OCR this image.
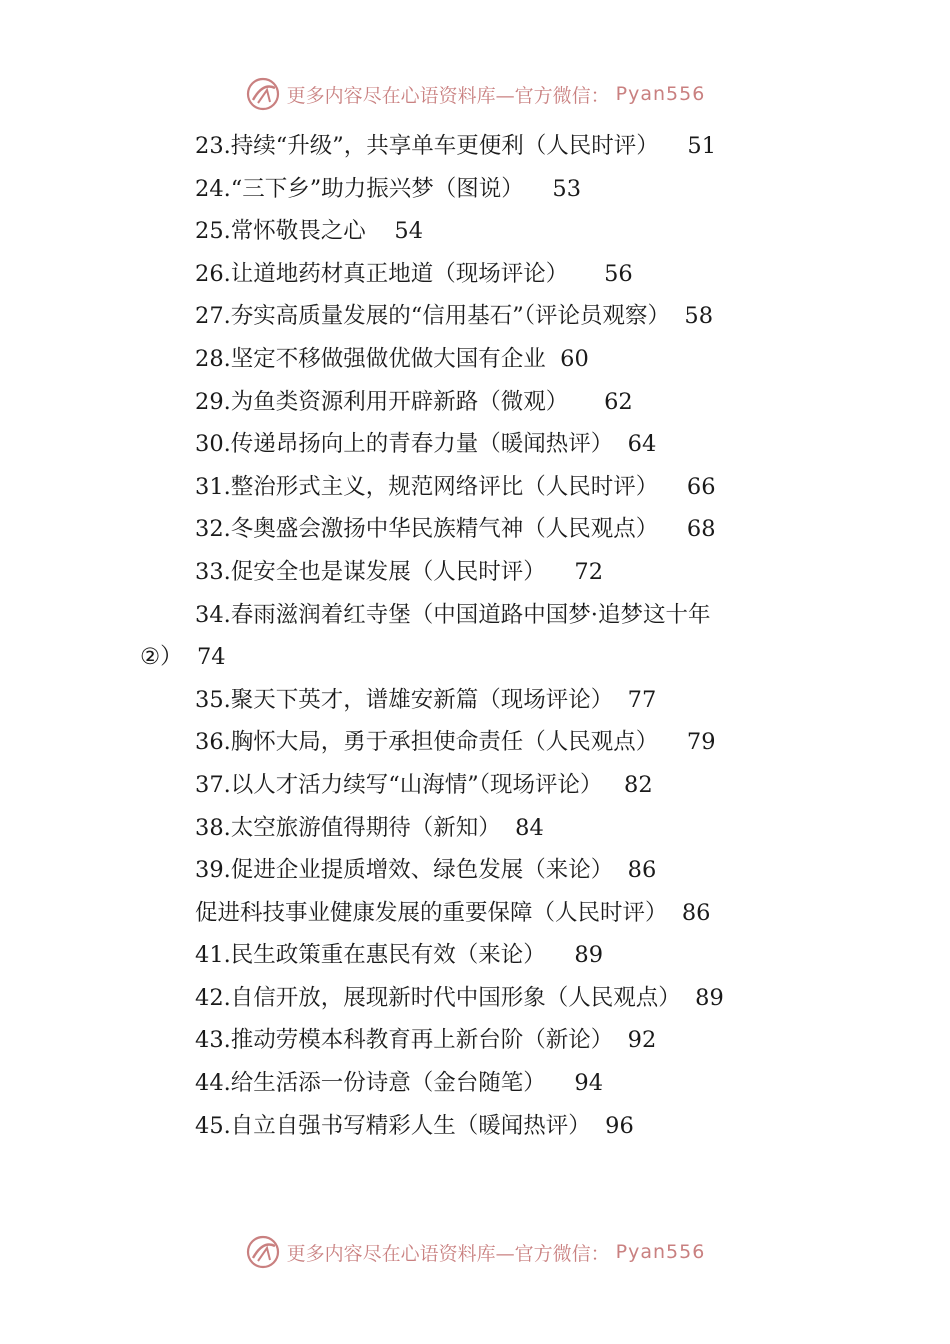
更多内容尽在心语资料库—官方微信： Pyan556
23.持续“升级”，共享单车更便利（人民时评） 51
24.“三下乡”助力振兴梦（图说） 53
25.常怀敬畏之心 54
26.让道地药材真正地道（现场评论） 56
27.夯实高质量发展的“信用基石”（评论员观察） 58
28.坚定不移做强做优做大国有企业 60
29.为鱼类资源利用开辟新路（微观） 62
30.传递昂扬向上的青春力量（暖闻热评） 64
31.整治形式主义，规范网络评比（人民时评） 66
32.冬奥盛会激扬中华民族精气神（人民观点） 68
33.促安全也是谋发展（人民时评） 72
34.春雨滋润着红寺堡（中国道路中国梦·追梦这十年
②） 74
35.聚天下英才，谱雄安新篇（现场评论） 77
36.胸怀大局，勇于承担使命责任（人民观点） 79
37.以人才活力续写“山海情”（现场评论） 82
38.太空旅游值得期待（新知） 84
39.促进企业提质增效、绿色发展（来论） 86
促进科技事业健康发展的重要保障（人民时评） 86
41.民生政策重在惠民有效（来论） 89
42.自信开放，展现新时代中国形象（人民观点） 89
43.推动劳模本科教育再上新台阶（新论） 92
44.给生活添一份诗意（金台随笔） 94
45.自立自强书写精彩人生（暖闻热评） 96
更多内容尽在心语资料库—官方微信： Pyan556
